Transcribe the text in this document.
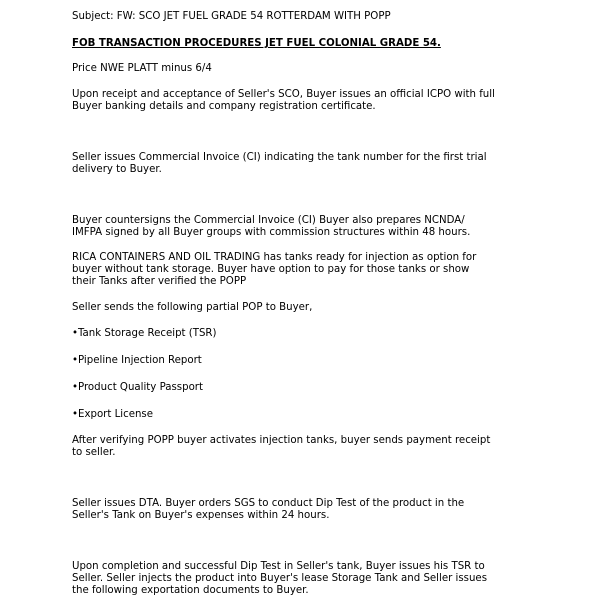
Subject: FW: SCO JET FUEL GRADE 54 ROTTERDAM WITH POPP

FOB TRANSACTION PROCEDURES JET FUEL COLONIAL GRADE 54.

Price NWE PLATT minus 6/4

Upon receipt and acceptance of Seller's SCO, Buyer issues an official ICPO with full
Buyer banking details and company registration certificate.

Seller issues Commercial Invoice (CI) indicating the tank number for the first trial
delivery to Buyer.

Buyer countersigns the Commercial Invoice (CI) Buyer also prepares NCNDA/
IMFPA signed by all Buyer groups with commission structures within 48 hours.

RICA CONTAINERS AND OIL TRADING has tanks ready for injection as option for
buyer without tank storage. Buyer have option to pay for those tanks or show
their Tanks after verified the POPP

Seller sends the following partial POP to Buyer,

•Tank Storage Receipt (TSR)

•Pipeline Injection Report

•Product Quality Passport

•Export License

After verifying POPP buyer activates injection tanks, buyer sends payment receipt
to seller.

Seller issues DTA. Buyer orders SGS to conduct Dip Test of the product in the
Seller's Tank on Buyer's expenses within 24 hours.

Upon completion and successful Dip Test in Seller's tank, Buyer issues his TSR to
Seller. Seller injects the product into Buyer's lease Storage Tank and Seller issues
the following exportation documents to Buyer.
